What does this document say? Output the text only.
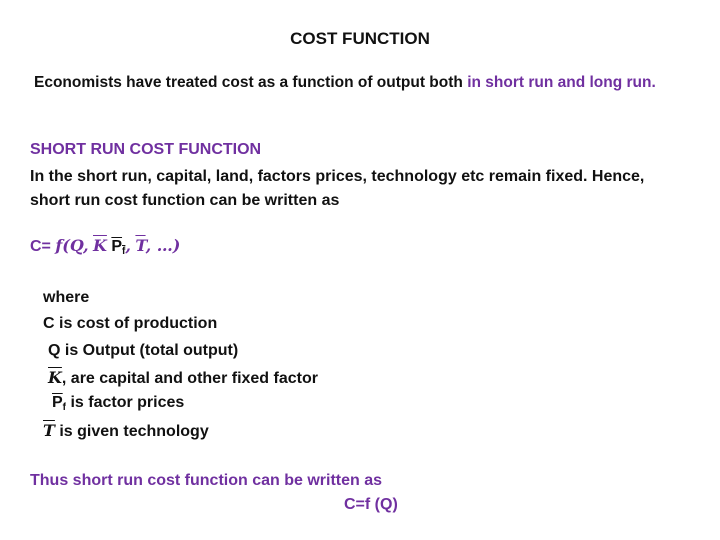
COST FUNCTION
Economists have treated cost as a function of output both in short run and long run.
SHORT RUN COST FUNCTION
In the short run, capital, land, factors prices, technology etc remain fixed. Hence,
short run cost function can be written as
C= f(Q, $\overline{K}$ $P_f$, $\overline{T}$, …)
where
C is cost of production
Q is Output (total output)
$\overline{K}$, are capital and other fixed factor
$\overline{P}_f$ is factor prices
$\overline{T}$ is given technology
Thus short run cost function can be written as
C=f (Q)
